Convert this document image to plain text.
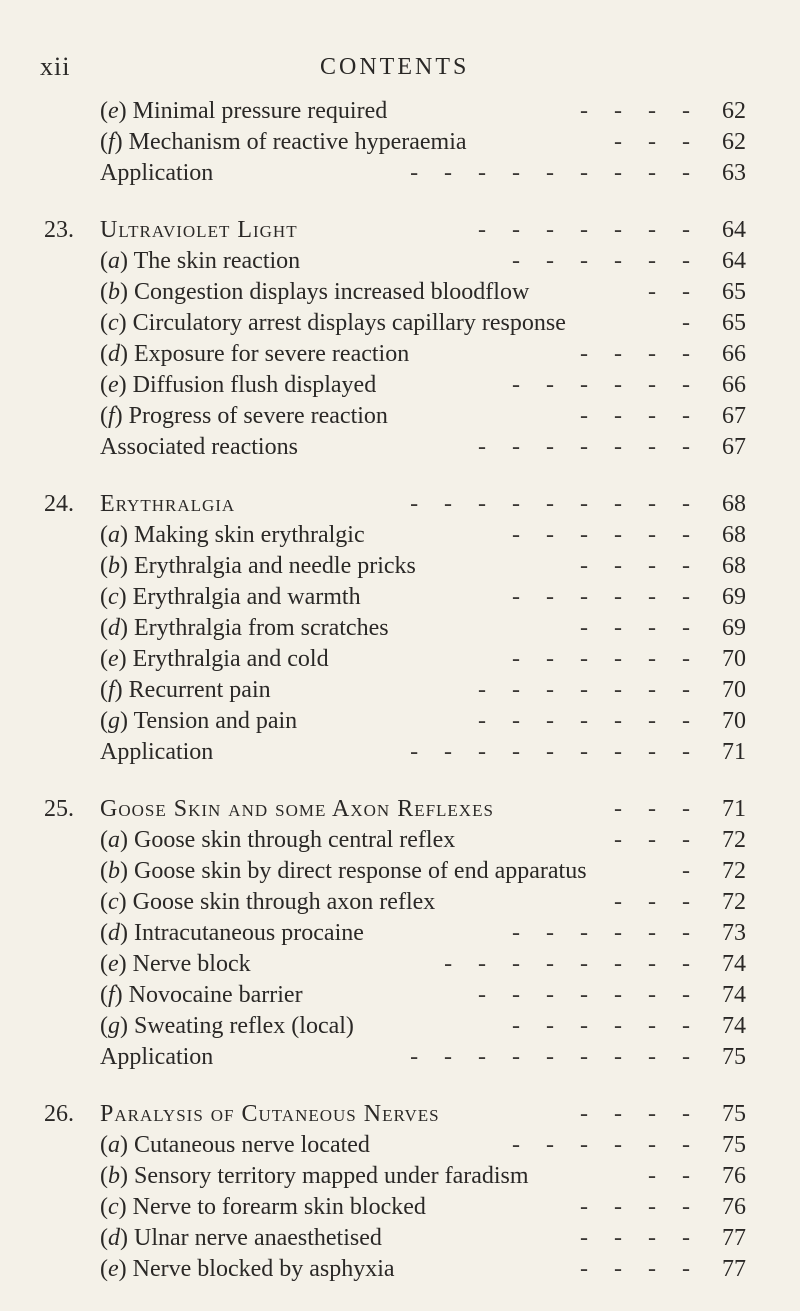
xii	CONTENTS
(e) Minimal pressure required	- - - - 62
(f) Mechanism of reactive hyperaemia	- - - 62
Application	- - - - - - - - - 63
23. Ultraviolet Light	- - - - - - - 64
(a) The skin reaction	- - - - - - 64
(b) Congestion displays increased bloodflow	- - 65
(c) Circulatory arrest displays capillary response	- 65
(d) Exposure for severe reaction	- - - - 66
(e) Diffusion flush displayed	- - - - - - 66
(f) Progress of severe reaction	- - - - 67
Associated reactions	- - - - - - - 67
24. Erythralgia	- - - - - - - - - 68
(a) Making skin erythralgic	- - - - - - 68
(b) Erythralgia and needle pricks	- - - - 68
(c) Erythralgia and warmth	- - - - - - 69
(d) Erythralgia from scratches	- - - - 69
(e) Erythralgia and cold	- - - - - - 70
(f) Recurrent pain	- - - - - - - 70
(g) Tension and pain	- - - - - - - 70
Application	- - - - - - - - - 71
25. Goose Skin and some Axon Reflexes	- - - 71
(a) Goose skin through central reflex	- - - 72
(b) Goose skin by direct response of end apparatus	- 72
(c) Goose skin through axon reflex	- - - 72
(d) Intracutaneous procaine	- - - - - - 73
(e) Nerve block	- - - - - - - - 74
(f) Novocaine barrier	- - - - - - - 74
(g) Sweating reflex (local)	- - - - - - 74
Application	- - - - - - - - - 75
26. Paralysis of Cutaneous Nerves	- - - - 75
(a) Cutaneous nerve located	- - - - - - 75
(b) Sensory territory mapped under faradism	- - 76
(c) Nerve to forearm skin blocked	- - - - 76
(d) Ulnar nerve anaesthetised	- - - - 77
(e) Nerve blocked by asphyxia	- - - - 77
